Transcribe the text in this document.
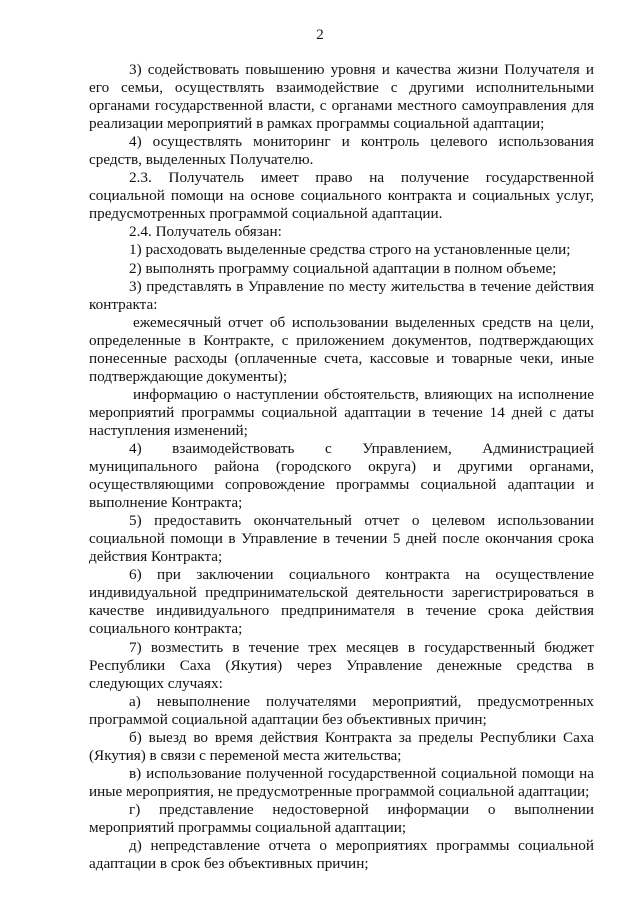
2

3) содействовать повышению уровня и качества жизни Получателя и его семьи, осуществлять взаимодействие с другими исполнительными органами государственной власти, с органами местного самоуправления для реализации мероприятий в рамках программы социальной адаптации;

4) осуществлять мониторинг и контроль целевого использования средств, выделенных Получателю.

2.3. Получатель имеет право на получение государственной социальной помощи на основе социального контракта и социальных услуг, предусмотренных программой социальной адаптации.

2.4. Получатель обязан:

1) расходовать выделенные средства строго на установленные цели;

2) выполнять программу социальной адаптации в полном объеме;

3) представлять в Управление по месту жительства в течение действия контракта:

ежемесячный отчет об использовании выделенных средств на цели, определенные в Контракте, с приложением документов, подтверждающих понесенные расходы (оплаченные счета, кассовые и товарные чеки, иные подтверждающие документы);

информацию о наступлении обстоятельств, влияющих на исполнение мероприятий программы социальной адаптации в течение 14 дней с даты наступления изменений;

4) взаимодействовать с Управлением, Администрацией муниципального района (городского округа) и другими органами, осуществляющими сопровождение программы социальной адаптации и выполнение Контракта;

5) предоставить окончательный отчет о целевом использовании социальной помощи в Управление в течении 5 дней после окончания срока действия Контракта;

6) при заключении социального контракта на осуществление индивидуальной предпринимательской деятельности зарегистрироваться в качестве индивидуального предпринимателя в течение срока действия социального контракта;

7) возместить в течение трех месяцев в государственный бюджет Республики Саха (Якутия) через Управление денежные средства в следующих случаях:

а) невыполнение получателями мероприятий, предусмотренных программой социальной адаптации без объективных причин;

б) выезд во время действия Контракта за пределы Республики Саха (Якутия) в связи с переменой места жительства;

в) использование полученной государственной социальной помощи на иные мероприятия, не предусмотренные программой социальной адаптации;

г) представление недостоверной информации о выполнении мероприятий программы социальной адаптации;

д) непредставление отчета о мероприятиях программы социальной адаптации в срок без объективных причин;
